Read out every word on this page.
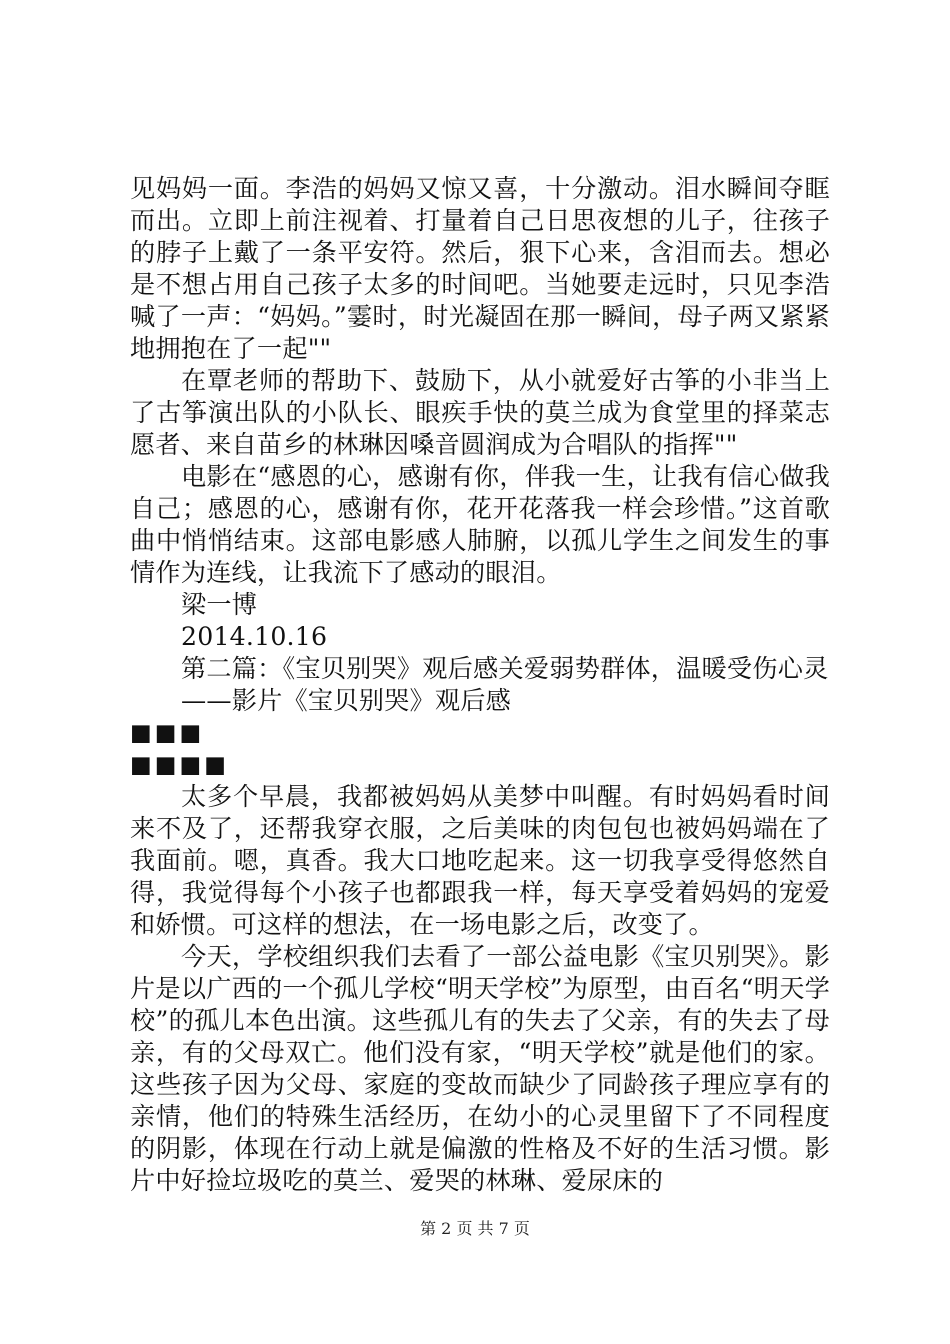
见妈妈一面。李浩的妈妈又惊又喜，十分激动。泪水瞬间夺眶而出。立即上前注视着、打量着自己日思夜想的儿子，往孩子的脖子上戴了一条平安符。然后，狠下心来，含泪而去。想必是不想占用自己孩子太多的时间吧。当她要走远时，只见李浩喊了一声：“妈妈。”霎时，时光凝固在那一瞬间，母子两又紧紧地拥抱在了一起""

在覃老师的帮助下、鼓励下，从小就爱好古筝的小非当上了古筝演出队的小队长、眼疾手快的莫兰成为食堂里的择菜志愿者、来自苗乡的林琳因嗓音圆润成为合唱队的指挥""

电影在“感恩的心，感谢有你，伴我一生，让我有信心做我自己；感恩的心，感谢有你，花开花落我一样会珍惜。”这首歌曲中悄悄结束。这部电影感人肺腑，以孤儿学生之间发生的事情作为连线，让我流下了感动的眼泪。

梁一博

2014.10.16

第二篇：《宝贝别哭》观后感关爱弱势群体，温暖受伤心灵

——影片《宝贝别哭》观后感

■■■

■■■■

太多个早晨，我都被妈妈从美梦中叫醒。有时妈妈看时间来不及了，还帮我穿衣服，之后美味的肉包包也被妈妈端在了我面前。嗯，真香。我大口地吃起来。这一切我享受得悠然自得，我觉得每个小孩子也都跟我一样，每天享受着妈妈的宠爱和娇惯。可这样的想法，在一场电影之后，改变了。

今天，学校组织我们去看了一部公益电影《宝贝别哭》。影片是以广西的一个孤儿学校“明天学校”为原型，由百名“明天学校”的孤儿本色出演。这些孤儿有的失去了父亲，有的失去了母亲，有的父母双亡。他们没有家，“明天学校”就是他们的家。这些孩子因为父母、家庭的变故而缺少了同龄孩子理应享有的亲情，他们的特殊生活经历，在幼小的心灵里留下了不同程度的阴影，体现在行动上就是偏激的性格及不好的生活习惯。影片中好捡垃圾吃的莫兰、爱哭的林琳、爱尿床的

第 2 页 共 7 页
